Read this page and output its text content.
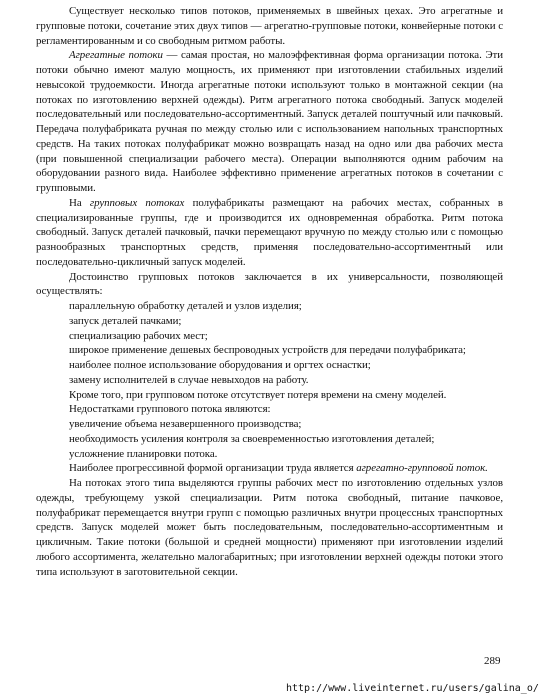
Существует несколько типов потоков, применяемых в швейных цехах. Это агрегатные и групповые потоки, сочетание этих двух типов — агрегатно-групповые потоки, конвейерные потоки с регламентированным и со свободным ритмом работы.

Агрегатные потоки — самая простая, но малоэффективная форма организации потока. Эти потоки обычно имеют малую мощность, их применяют при изготовлении стабильных изделий невысокой трудоемкости. Иногда агрегатные потоки используют только в монтажной секции (на потоках по изготовлению верхней одежды). Ритм агрегатного потока свободный. Запуск моделей последовательный или последовательно-ассортиментный. Запуск деталей поштучный или пачковый. Передача полуфабриката ручная по между столью или с использованием напольных транспортных средств. На таких потоках полуфабрикат можно возвращать назад на одно или два рабочих места (при повышенной специализации рабочего места). Операции выполняются одним рабочим на оборудовании разного вида. Наиболее эффективно применение агрегатных потоков в сочетании с групповыми.

На групповых потоках полуфабрикаты размещают на рабочих местах, собранных в специализированные группы, где и производится их одновременная обработка. Ритм потока свободный. Запуск деталей пачковый, пачки перемещают вручную по между столью или с помощью разнообразных транспортных средств, применяя последовательно-ассортиментный или последовательно-цикличный запуск моделей.

Достоинство групповых потоков заключается в их универсальности, позволяющей осуществлять:

параллельную обработку деталей и узлов изделия;

запуск деталей пачками;

специализацию рабочих мест;

широкое применение дешевых беспроводных устройств для передачи полуфабриката;

наиболее полное использование оборудования и оргтех оснастки;

замену исполнителей в случае невыходов на работу.

Кроме того, при групповом потоке отсутствует потеря времени на смену моделей.

Недостатками группового потока являются:

увеличение объема незавершенного производства;

необходимость усиления контроля за своевременностью изготовления деталей;

усложнение планировки потока.

Наиболее прогрессивной формой организации труда является агрегатно-групповой поток.

На потоках этого типа выделяются группы рабочих мест по изготовлению отдельных узлов одежды, требующему узкой специализации. Ритм потока свободный, питание пачковое, полуфабрикат перемещается внутри групп с помощью различных внутри процессных транспортных средств. Запуск моделей может быть последовательным, последовательно-ассортиментным и цикличным. Такие потоки (большой и средней мощности) применяют при изготовлении изделий любого ассортимента, желательно малогабаритных; при изготовлении верхней одежды потоки этого типа используют в заготовительной секции.

289
http://www.liveinternet.ru/users/galina_o/
